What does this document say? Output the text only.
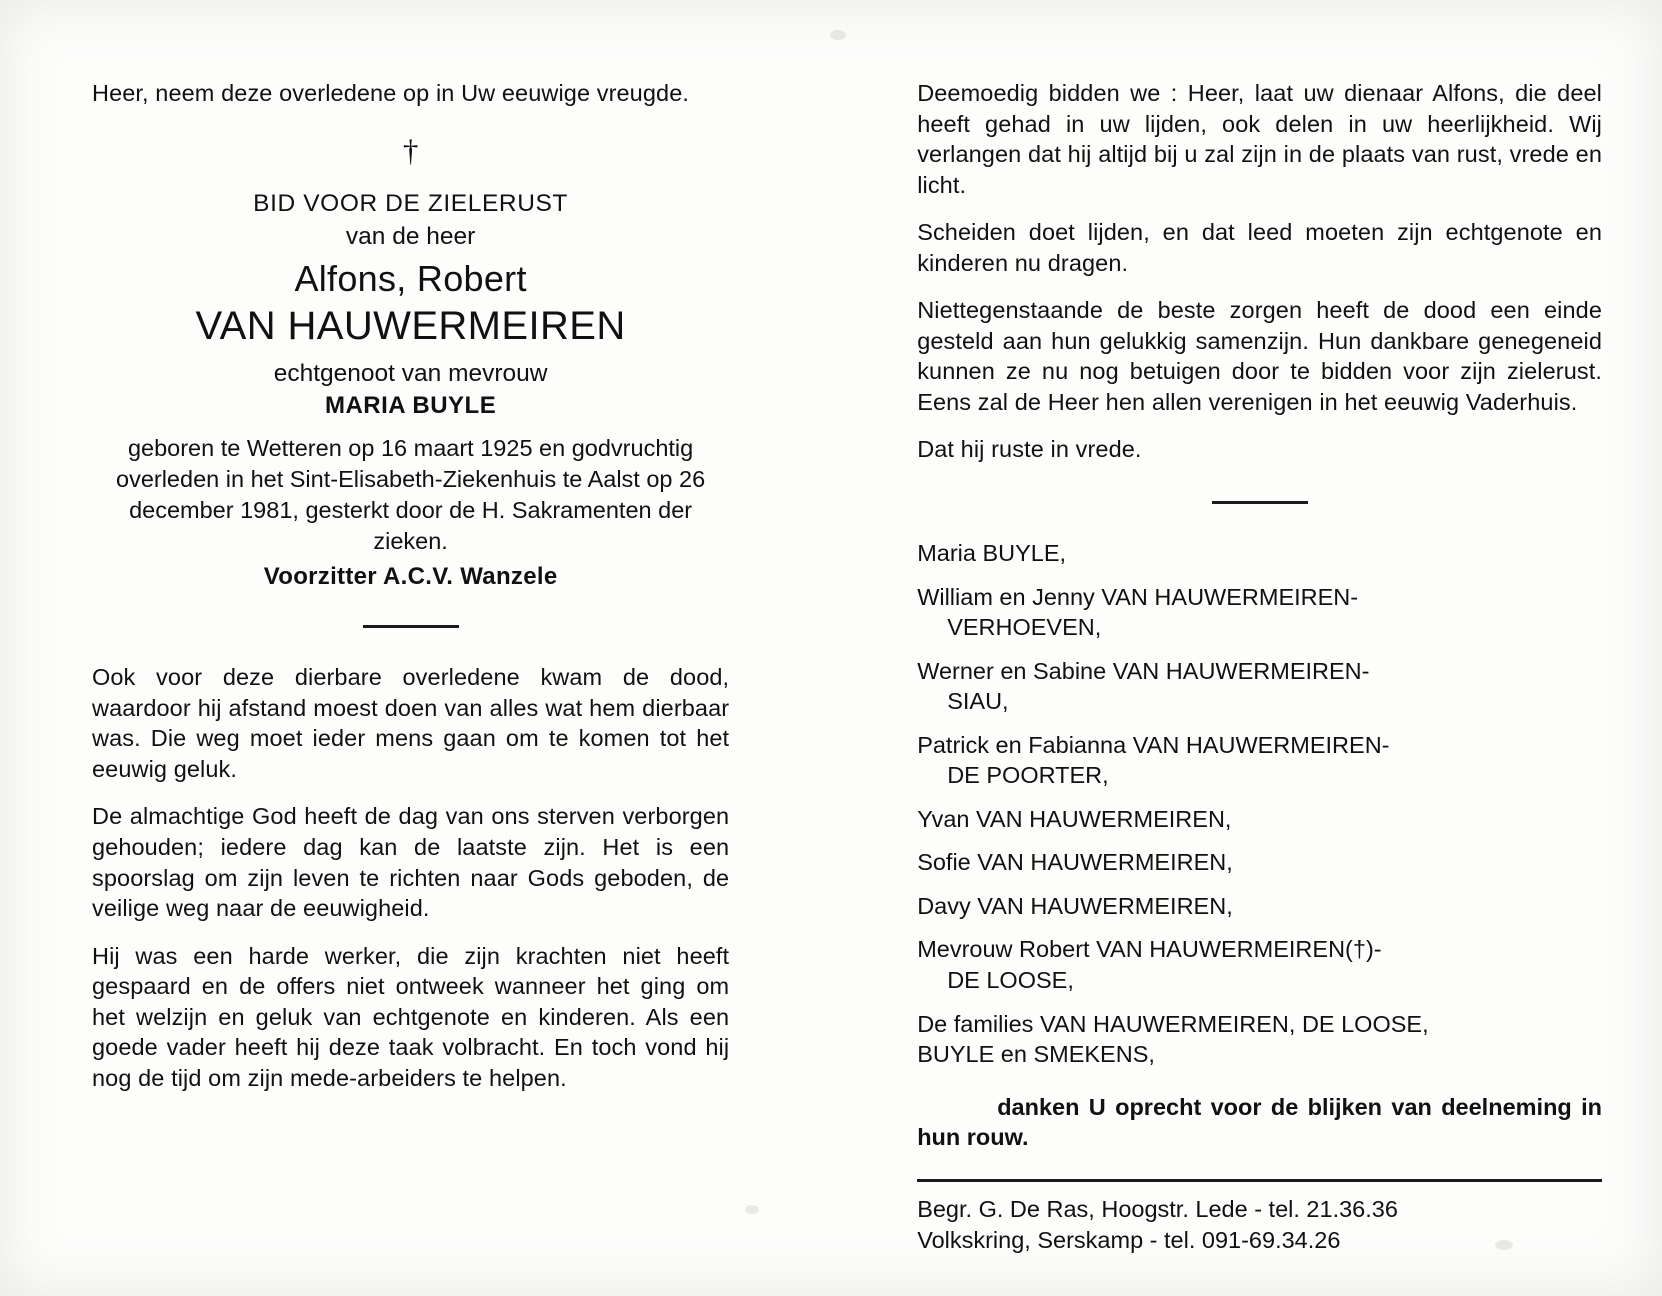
Heer, neem deze overledene op in Uw eeuwige vreugde.

†
BID VOOR DE ZIELERUST
van de heer
Alfons, Robert
VAN HAUWERMEIREN
echtgenoot van mevrouw
MARIA BUYLE
geboren te Wetteren op 16 maart 1925 en godvruchtig overleden in het Sint-Elisabeth-Ziekenhuis te Aalst op 26 december 1981, gesterkt door de H. Sakramenten der zieken.
Voorzitter A.C.V. Wanzele

Ook voor deze dierbare overledene kwam de dood, waardoor hij afstand moest doen van alles wat hem dierbaar was. Die weg moet ieder mens gaan om te komen tot het eeuwig geluk.

De almachtige God heeft de dag van ons sterven verborgen gehouden; iedere dag kan de laatste zijn. Het is een spoorslag om zijn leven te richten naar Gods geboden, de veilige weg naar de eeuwigheid.

Hij was een harde werker, die zijn krachten niet heeft gespaard en de offers niet ontweek wanneer het ging om het welzijn en geluk van echtgenote en kinderen. Als een goede vader heeft hij deze taak volbracht. En toch vond hij nog de tijd om zijn mede-arbeiders te helpen.

Deemoedig bidden we : Heer, laat uw dienaar Alfons, die deel heeft gehad in uw lijden, ook delen in uw heerlijkheid. Wij verlangen dat hij altijd bij u zal zijn in de plaats van rust, vrede en licht.

Scheiden doet lijden, en dat leed moeten zijn echtgenote en kinderen nu dragen.

Niettegenstaande de beste zorgen heeft de dood een einde gesteld aan hun gelukkig samenzijn. Hun dankbare genegeneid kunnen ze nu nog betuigen door te bidden voor zijn zielerust. Eens zal de Heer hen allen verenigen in het eeuwig Vaderhuis.

Dat hij ruste in vrede.

Maria BUYLE,
William en Jenny VAN HAUWERMEIREN-
VERHOEVEN,
Werner en Sabine VAN HAUWERMEIREN-
SIAU,
Patrick en Fabianna VAN HAUWERMEIREN-
DE POORTER,
Yvan VAN HAUWERMEIREN,
Sofie VAN HAUWERMEIREN,
Davy VAN HAUWERMEIREN,
Mevrouw Robert VAN HAUWERMEIREN(†)-
DE LOOSE,
De families VAN HAUWERMEIREN, DE LOOSE,
BUYLE en SMEKENS,
danken U oprecht voor de blijken van deelneming in hun rouw.
Begr. G. De Ras, Hoogstr. Lede - tel. 21.36.36
Volkskring, Serskamp - tel. 091-69.34.26
